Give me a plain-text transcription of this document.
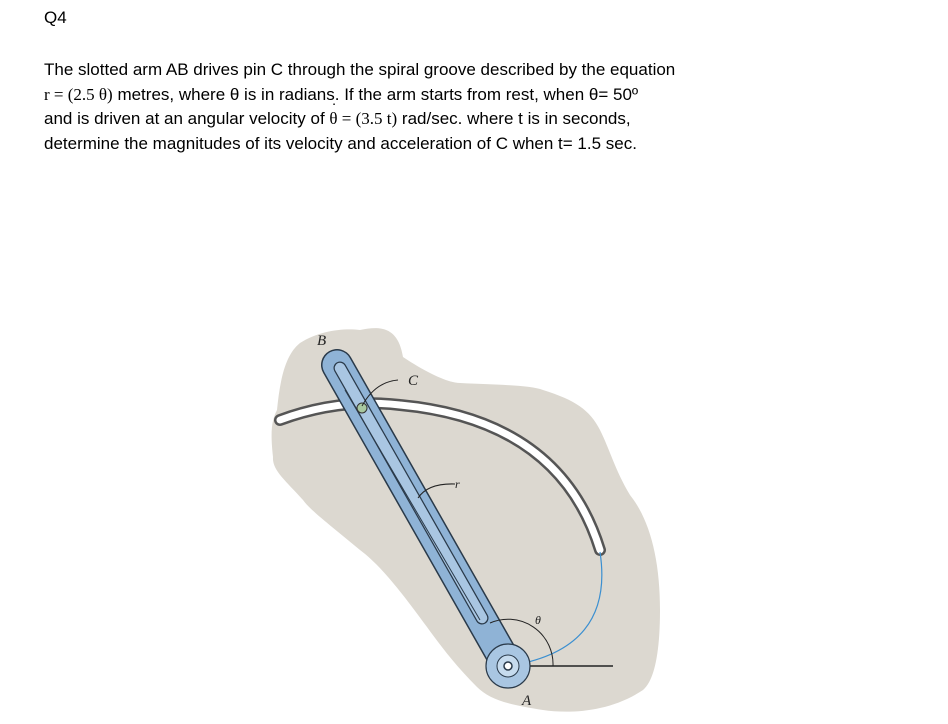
Q4
The slotted arm AB drives pin C through the spiral groove described by the equation
r = (2.5 θ) metres, where θ is in radians. If the arm starts from rest, when θ= 50º
and is driven at an angular velocity of ˙ θ = (3.5 t) rad/sec. where t is in seconds,
determine the magnitudes of its velocity and acceleration of C when t= 1.5 sec.
B
C
r
θ
A
